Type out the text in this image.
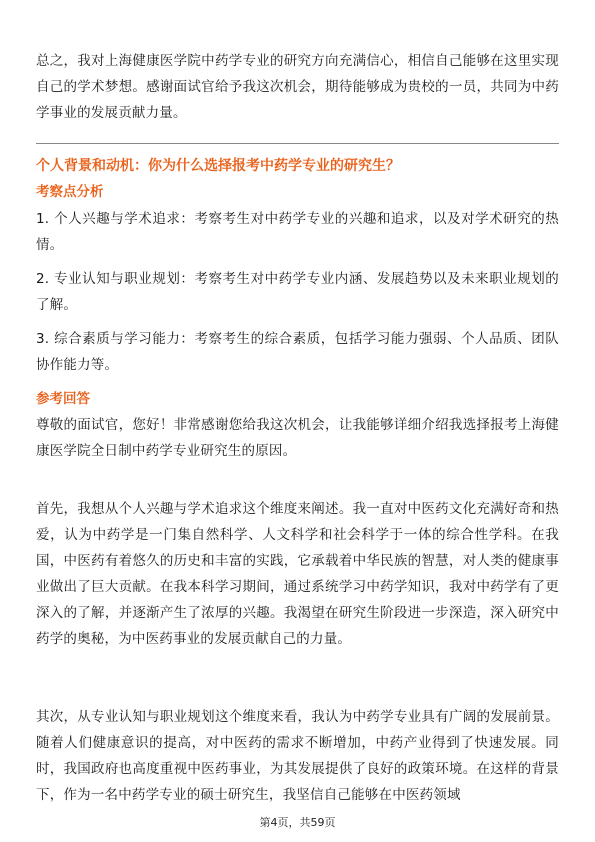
总之，我对上海健康医学院中药学专业的研究方向充满信心，相信自己能够在这里实现自己的学术梦想。感谢面试官给予我这次机会，期待能够成为贵校的一员，共同为中药学事业的发展贡献力量。

个人背景和动机：你为什么选择报考中药学专业的研究生？

考察点分析

1. 个人兴趣与学术追求：考察考生对中药学专业的兴趣和追求，以及对学术研究的热情。

2. 专业认知与职业规划：考察考生对中药学专业内涵、发展趋势以及未来职业规划的了解。

3. 综合素质与学习能力：考察考生的综合素质，包括学习能力强弱、个人品质、团队协作能力等。

参考回答

尊敬的面试官，您好！非常感谢您给我这次机会，让我能够详细介绍我选择报考上海健康医学院全日制中药学专业研究生的原因。

首先，我想从个人兴趣与学术追求这个维度来阐述。我一直对中医药文化充满好奇和热爱，认为中药学是一门集自然科学、人文科学和社会科学于一体的综合性学科。在我国，中医药有着悠久的历史和丰富的实践，它承载着中华民族的智慧，对人类的健康事业做出了巨大贡献。在我本科学习期间，通过系统学习中药学知识，我对中药学有了更深入的了解，并逐渐产生了浓厚的兴趣。我渴望在研究生阶段进一步深造，深入研究中药学的奥秘，为中医药事业的发展贡献自己的力量。

其次，从专业认知与职业规划这个维度来看，我认为中药学专业具有广阔的发展前景。随着人们健康意识的提高，对中医药的需求不断增加，中药产业得到了快速发展。同时，我国政府也高度重视中医药事业，为其发展提供了良好的政策环境。在这样的背景下，作为一名中药学专业的硕士研究生，我坚信自己能够在中医药领域

第4页，共59页
